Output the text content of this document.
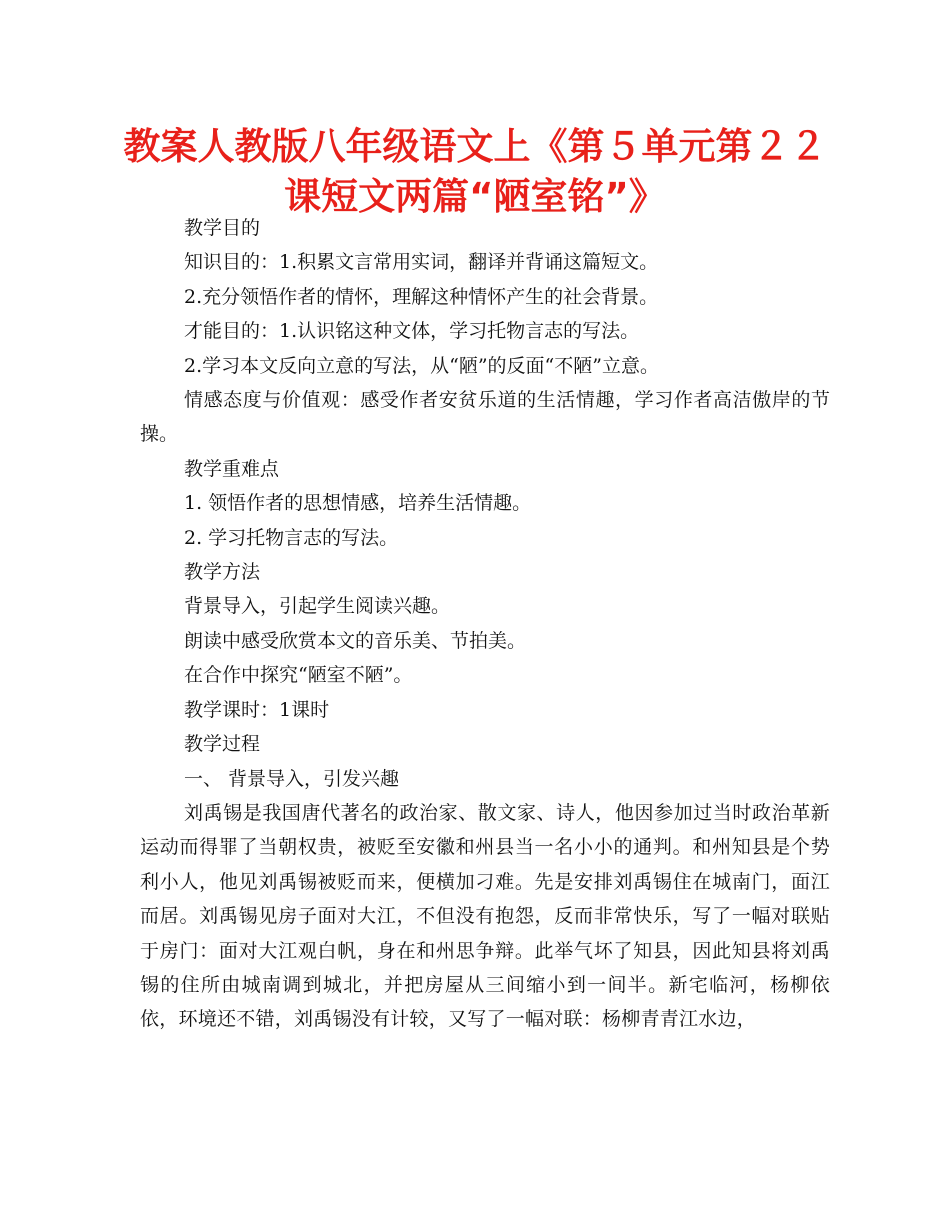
教案人教版八年级语文上《第５单元第２２
课短文两篇“陋室铭”》

教学目的

知识目的：1.积累文言常用实词，翻译并背诵这篇短文。

2.充分领悟作者的情怀，理解这种情怀产生的社会背景。

才能目的：1.认识铭这种文体，学习托物言志的写法。

2.学习本文反向立意的写法，从“陋”的反面“不陋”立意。

情感态度与价值观：感受作者安贫乐道的生活情趣，学习作者高洁傲岸的节操。

教学重难点

1. 领悟作者的思想情感，培养生活情趣。

2. 学习托物言志的写法。

教学方法

背景导入，引起学生阅读兴趣。

朗读中感受欣赏本文的音乐美、节拍美。

在合作中探究“陋室不陋”。

教学课时：1课时

教学过程

一、 背景导入，引发兴趣

刘禹锡是我国唐代著名的政治家、散文家、诗人，他因参加过当时政治革新运动而得罪了当朝权贵，被贬至安徽和州县当一名小小的通判。和州知县是个势利小人，他见刘禹锡被贬而来，便横加刁难。先是安排刘禹锡住在城南门，面江而居。刘禹锡见房子面对大江，不但没有抱怨，反而非常快乐，写了一幅对联贴于房门：面对大江观白帆，身在和州思争辩。此举气坏了知县，因此知县将刘禹锡的住所由城南调到城北，并把房屋从三间缩小到一间半。新宅临河，杨柳依依，环境还不错，刘禹锡没有计较，又写了一幅对联：杨柳青青江水边，
